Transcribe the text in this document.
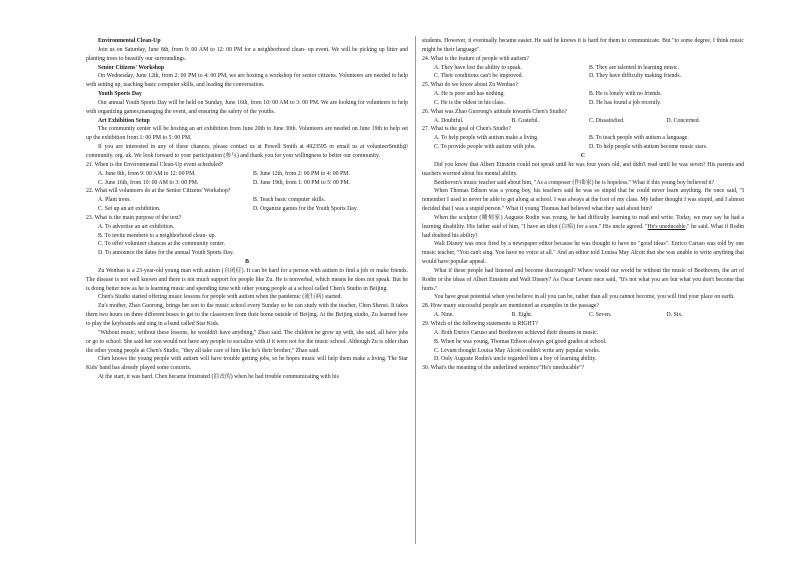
Environmental Clean-Up

Join us on Saturday, June 8th, from 9: 00 AM to 12: 00 PM for a neighborhood clean- up event. We will be picking up litter and planting trees to beautify our surroundings.

Senior Citizens' Workshop

On Wednesday, June 12th, from 2: 00 PM to 4: 00 PM, we are hosting a workshop for senior citizens. Volunteers are needed to help with setting up, teaching basic computer skills, and leading the conversation.

Youth Sports Day

Our annual Youth Sports Day will be held on Sunday, June 16th, from 10: 00 AM to 3: 00 PM. We are looking for volunteers to help with organizing games,managing the event, and ensuring the safety of the youths.

Art Exhibition Setup

The community center will be hosting an art exhibition from June 20th to June 30th. Volunteers are needed on June 19th to help set up the exhibition from 1: 00 PM to 5: 00 PM.

If you are interested in any of these chances, please contact us at Powell Smith at 4923595 or email us at volunteerSmith@ community. org. uk. We look forward to your participation (参与) and thank you for your willingness to better our community.

21. When is the Environmental Clean-Up event scheduled?

A. June 8th, from 9: 00 AM to 12: 00 PM.	B. June 12th, from 2: 00 PM to 4: 00 PM.
C. June 16th, from 10: 00 AM to 3: 00 PM.	D. June 19th, from 1: 00 PM to 5: 00 PM.

22. What will volunteers do at the Senior Citizens' Workshop?

A. Plant trees.	B. Teach basic computer skills.
C. Set up an art exhibition.	D. Organize games for the Youth Sports Day.

23. What is the main purpose of the text?

A. To advertise an art exhibition.
B. To invite members to a neighborhood clean- up.
C. To offer volunteer chances at the community center.
D. To announce the dates for the annual Youth Sports Day.

B

Zu Wenbao is a 23-year-old young man with autism (自闭症). It can be hard for a person with autism to find a job or make friends. The disease is not well known and there is not much support for people like Zu. He is nonverbal, which means he does not speak. But he is doing better now as he is learning music and spending time with other young people at a school called Chen's Studio in Beijing.

Chen's Studio started offering music lessons for people with autism when the pandemic (流行病) started.

Zu's mother, Zhao Guorong, brings her son to the music school every Sunday so he can study with the teacher, Chen Shensi. It takes them two hours on three different buses to get to the classroom from their home outside of Beijing. At the Beijing studio, Zu learned how to play the keyboards and sing in a band called Star Kids.

"Without music, without these lessons, he wouldn't have anything," Zhao said. The children he grew up with, she said, all have jobs or go to school. She said her son would not have any people to socialize with if it were not for the music school. Although Zu is older than the other young people at Chen's Studio, "they all take care of him like he's their brother," Zhao said.

Chen knows the young people with autism will have trouble getting jobs, so he hopes music will help them make a living. The Star Kids' band has already played some concerts.

At the start, it was hard. Chen became frustrated (沮丧的) when he had trouble communicating with his

students. However, it eventually became easier. He said he knows it is hard for them to communicate. But "to some degree, I think music might be their language".

24. What is the feature of people with autism?

A. They have lost the ability to speak.	B. They are talented in learning music.
C. Their conditions can't be improved.	D. They have difficulty making friends.

25. What do we know about Zu Wenbao?

A. He is poor and has nothing.	B. He is lonely with no friends.
C. He is the oldest in his class.	D. He has found a job recently.

26. What was Zhao Guorong's attitude towards Chen's Studio?

A. Doubtful.	B. Grateful.	C. Dissatisfied.	D. Concerned.

27. What is the goal of Chen's Studio?

A. To help people with autism make a living.	B. To teach people with autism a language.
C. To provide people with autism with jobs.	D. To help people with autism become music stars.

C

Did you know that Albert Einstein could not speak until he was four years old, and didn't read until he was seven? His parents and teachers worried about his mental ability.

Beethoven's music teacher said about him, "As a composer (作曲家) he is hopeless." What if this young boy believed it?

When Thomas Edison was a young boy, his teachers said he was so stupid that he could never learn anything. He once said, "I remember I used to never be able to get along at school. I was always at the foot of my class. My father thought I was stupid, and I almost decided that I was a stupid person." What if young Thomas had believed what they said about him?

When the sculptor (雕刻家) Auguste Rodin was young, he had difficulty learning to read and write. Today, we may say he had a learning disability. His father said of him, "I have an idiot (白痴) for a son." His uncle agreed. "He's uneducable," he said. What if Rodin had doubted his ability?

Walt Disney was once fired by a newspaper editor because he was thought to have no "good ideas". Enrico Caruso was told by one music teacher, "You can't sing. You have no voice at all." And an editor told Louisa May Alcott that she was unable to write anything that would have popular appeal.

What if these people had listened and become discouraged? Where would our world be without the music of Beethoven, the art of Rodin or the ideas of Albert Einstein and Walt Disney? As Oscar Levant once said, "It's not what you are but what you don't become that hurts."

You have great potential when you believe in all you can be, rather than all you cannot become, you will find your place on earth.

28. How many successful people are mentioned as examples in the passage?

A. Nine.	B. Eight.	C. Seven.	D. Six.

29. Which of the following statements is RIGHT?

A. Both Enrico Caruso and Beethoven achieved their dreams in music.
B. When he was young, Thomas Edison always got good grades at school.
C. Levant thought Louisa May Alcott couldn't write any popular works.
D. Only Auguste Rodin's uncle regarded him a boy of learning ability.

30. What's the meaning of the underlined sentence"He's uneducable"?
